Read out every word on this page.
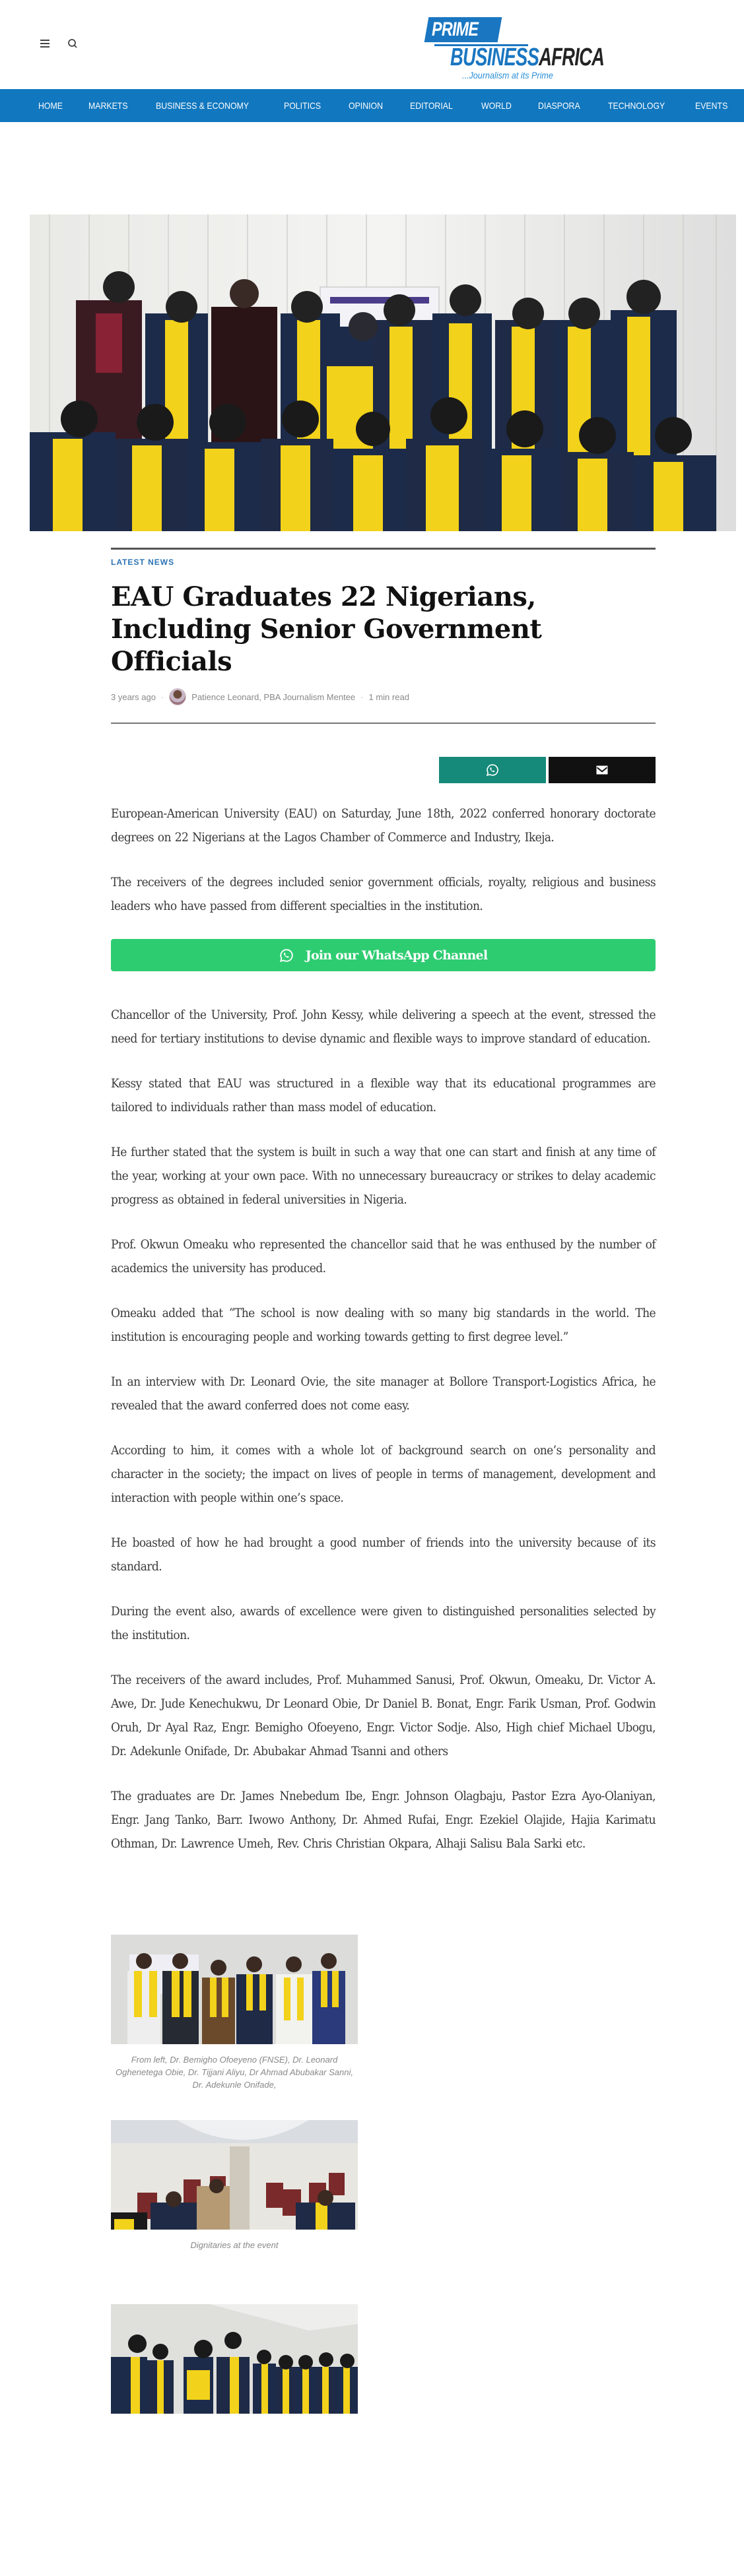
PRIME
BUSINESSAFRICA
...Journalism at its Prime
HOME	MARKETS	BUSINESS & ECONOMY	POLITICS	OPINION	EDITORIAL	WORLD	DIASPORA	TECHNOLOGY	EVENTS
LATEST NEWS
EAU Graduates 22 Nigerians, Including Senior Government Officials
3 years ago ·	Patience Leonard, PBA Journalism Mentee · 1 min read

European-American University (EAU) on Saturday, June 18th, 2022 conferred honorary doctorate degrees on 22 Nigerians at the Lagos Chamber of Commerce and Industry, Ikeja.

The receivers of the degrees included senior government officials, royalty, religious and business leaders who have passed from different specialties in the institution.

Join our WhatsApp Channel

Chancellor of the University, Prof. John Kessy, while delivering a speech at the event, stressed the need for tertiary institutions to devise dynamic and flexible ways to improve standard of education.

Kessy stated that EAU was structured in a flexible way that its educational programmes are tailored to individuals rather than mass model of education.

He further stated that the system is built in such a way that one can start and finish at any time of the year, working at your own pace. With no unnecessary bureaucracy or strikes to delay academic progress as obtained in federal universities in Nigeria.

Prof. Okwun Omeaku who represented the chancellor said that he was enthused by the number of academics the university has produced.

Omeaku added that “The school is now dealing with so many big standards in the world. The institution is encouraging people and working towards getting to first degree level.”

In an interview with Dr. Leonard Ovie, the site manager at Bollore Transport-Logistics Africa, he revealed that the award conferred does not come easy.

According to him, it comes with a whole lot of background search on one’s personality and character in the society; the impact on lives of people in terms of management, development and interaction with people within one’s space.

He boasted of how he had brought a good number of friends into the university because of its standard.

During the event also, awards of excellence were given to distinguished personalities selected by the institution.

The receivers of the award includes, Prof. Muhammed Sanusi, Prof. Okwun, Omeaku, Dr. Victor A. Awe, Dr. Jude Kenechukwu, Dr Leonard Obie, Dr Daniel B. Bonat, Engr. Farik Usman, Prof. Godwin Oruh, Dr Ayal Raz, Engr. Bemigho Ofoeyeno, Engr. Victor Sodje. Also, High chief Michael Ubogu, Dr. Adekunle Onifade, Dr. Abubakar Ahmad Tsanni and others

The graduates are Dr. James Nnebedum Ibe, Engr. Johnson Olagbaju, Pastor Ezra Ayo-Olaniyan, Engr. Jang Tanko, Barr. Iwowo Anthony, Dr. Ahmed Rufai, Engr. Ezekiel Olajide, Hajia Karimatu Othman, Dr. Lawrence Umeh, Rev. Chris Christian Okpara, Alhaji Salisu Bala Sarki etc.

From left, Dr. Bemigho Ofoeyeno (FNSE), Dr. Leonard Oghenetega Obie, Dr. Tijjani Aliyu, Dr Ahmad Abubakar Sanni, Dr. Adekunle Onifade,
Dignitaries at the event
